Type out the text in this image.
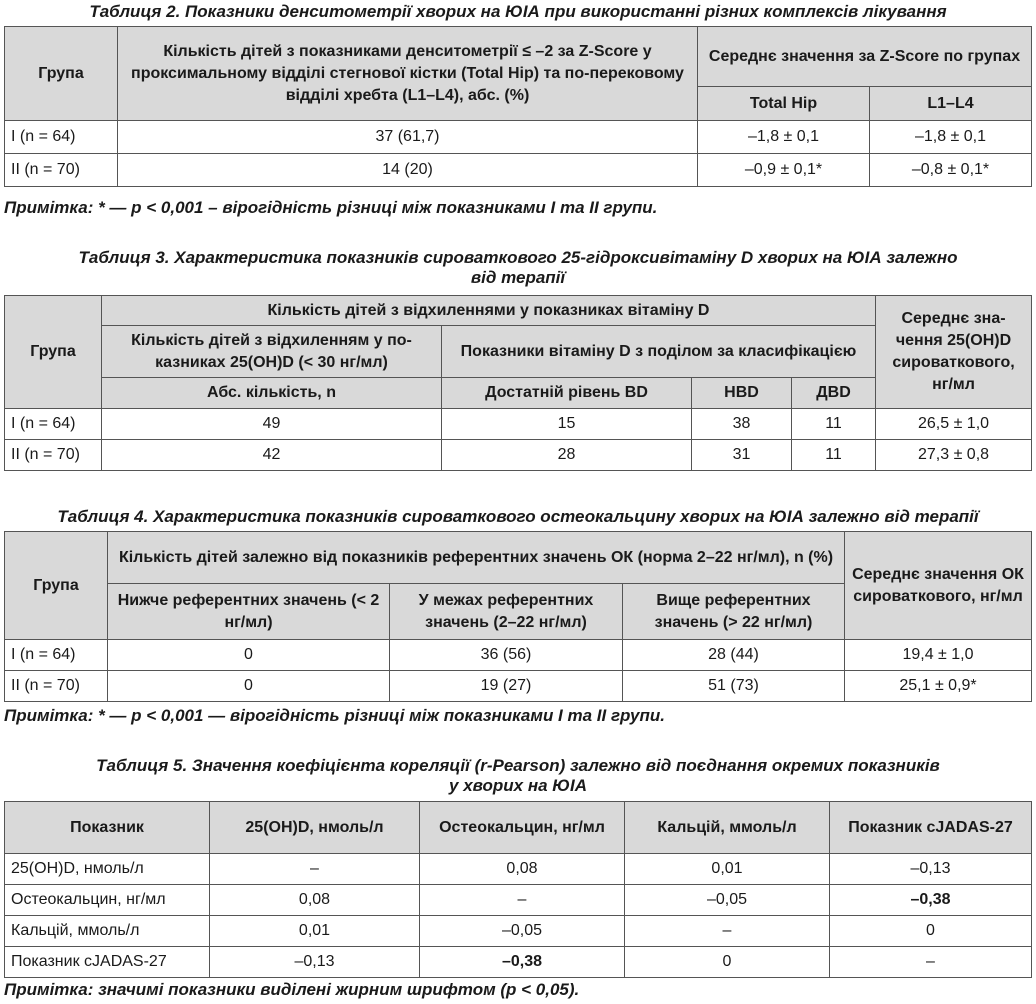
Таблиця 2. Показники денситометрії хворих на ЮІА при використанні різних комплексів лікування
Група	Кількість дітей з показниками денситометрії ≤ –2 за Z-Score у проксимальному відділі стегнової кістки (Total Hip) та по-перековому відділі хребта (L1–L4), абс. (%)	Середнє значення за Z-Score по групах	
		Total Hip	L1–L4
І (n = 64)	37 (61,7)	–1,8 ± 0,1	–1,8 ± 0,1
ІІ (n = 70)	14 (20)	–0,9 ± 0,1*	–0,8 ± 0,1*
Примітка: * — p < 0,001 – вірогідність різниці між показниками І та ІІ групи.
Таблиця 3. Характеристика показників сироваткового 25-гідроксивітаміну D хворих на ЮІА залежно
від терапії
Група	Кількість дітей з відхиленнями у показниках вітаміну D				Середнє зна-чення 25(OH)D сироваткового, нг/мл
	Кількість дітей з відхиленням у по-казниках 25(OH)D (< 30 нг/мл)	Показники вітаміну D з поділом за класифікацією			
	Абс. кількість, n	Достатній рівень BD	НBD	ДBD	
І (n = 64)	49	15	38	11	26,5 ± 1,0
ІІ (n = 70)	42	28	31	11	27,3 ± 0,8
Таблиця 4. Характеристика показників сироваткового остеокальцину хворих на ЮІА залежно від терапії
Група	Кількість дітей залежно від показників референтних значень ОК (норма 2–22 нг/мл), n (%)			Середнє значення ОК сироваткового, нг/мл
	Нижче референтних значень (< 2 нг/мл)	У межах референтних значень (2–22 нг/мл)	Вище референтних значень (> 22 нг/мл)	
І (n = 64)	0	36 (56)	28 (44)	19,4 ± 1,0
ІІ (n = 70)	0	19 (27)	51 (73)	25,1 ± 0,9*
Примітка: * — p < 0,001 — вірогідність різниці між показниками І та ІІ групи.
Таблиця 5. Значення коефіцієнта кореляції (r-Pearson) залежно від поєднання окремих показників
у хворих на ЮІА
Показник	25(OH)D, нмоль/л	Остеокальцин, нг/мл	Кальцій, ммоль/л	Показник cJADAS-27
25(OH)D, нмоль/л	–	0,08	0,01	–0,13
Остеокальцин, нг/мл	0,08	–	–0,05	–0,38
Кальцій, ммоль/л	0,01	–0,05	–	0
Показник cJADAS-27	–0,13	–0,38	0	–
Примітка: значимі показники виділені жирним шрифтом (p < 0,05).
